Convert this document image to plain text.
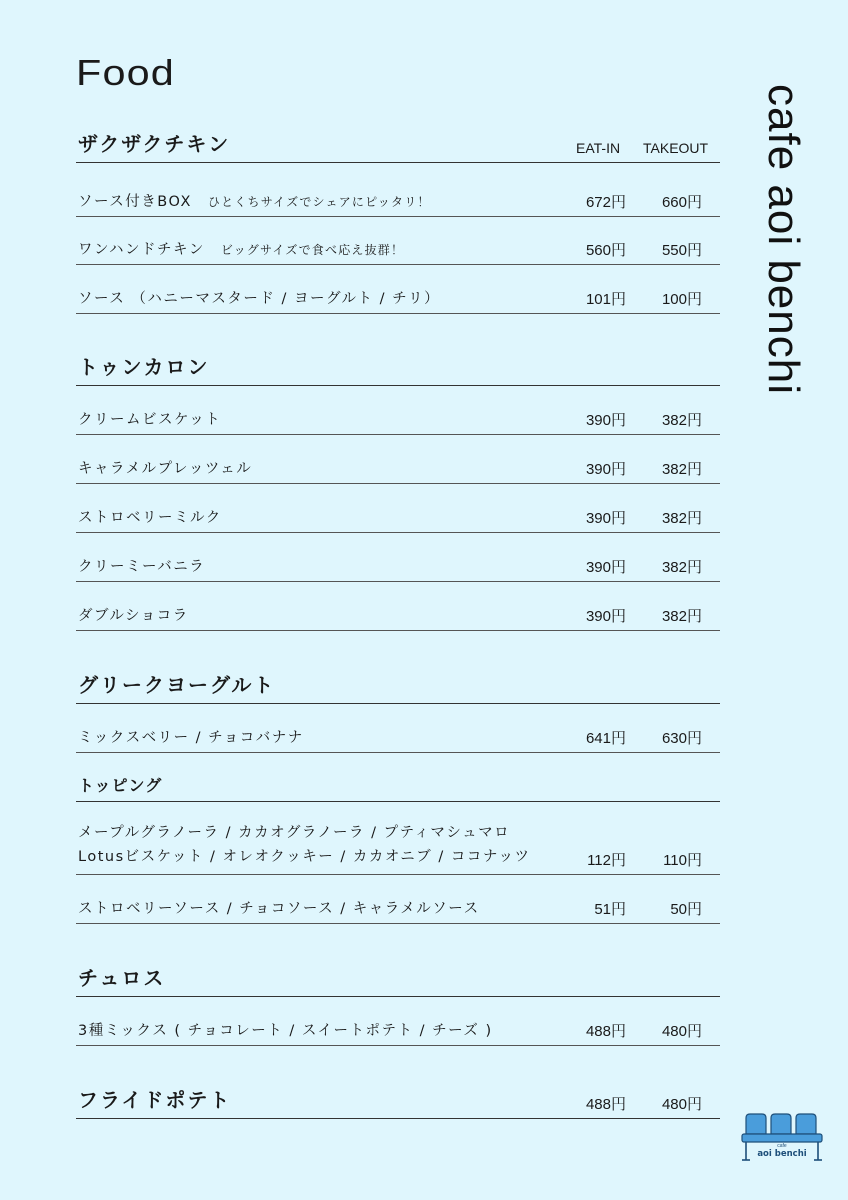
Food
cafe aoi benchi
ザクザクチキン	EAT-IN TAKEOUT
ソース付きBOX ひとくちサイズでシェアにピッタリ！	672円	660円
ワンハンドチキン ビッグサイズで食べ応え抜群！	560円	550円
ソース （ハニーマスタード / ヨーグルト / チリ）	101円	100円
トゥンカロン
クリームビスケット	390円	382円
キャラメルプレッツェル	390円	382円
ストロベリーミルク	390円	382円
クリーミーバニラ	390円	382円
ダブルショコラ	390円	382円
グリークヨーグルト
ミックスベリー / チョコバナナ	641円	630円
トッピング
メープルグラノーラ / カカオグラノーラ / プティマシュマロ
Lotusビスケット / オレオクッキー / カカオニブ / ココナッツ	112円	110円
ストロベリーソース / チョコソース / キャラメルソース	51円	50円
チュロス
3種ミックス ( チョコレート / スイートポテト / チーズ )	488円	480円
フライドポテト	488円	480円
cafe
aoi benchi
